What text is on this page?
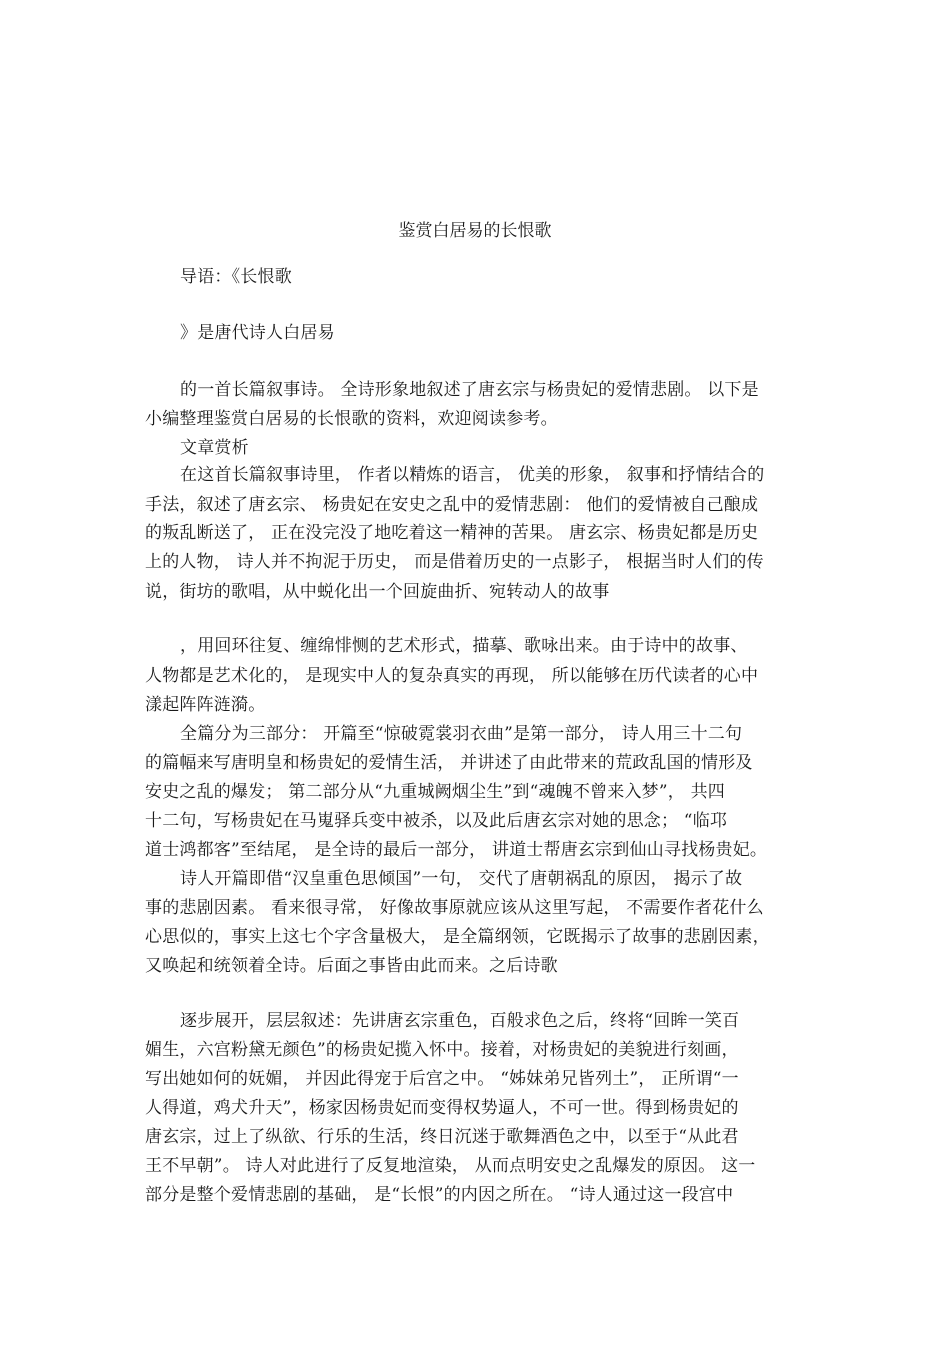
鉴赏白居易的长恨歌
导语：《长恨歌
》是唐代诗人白居易
的一首长篇叙事诗。 全诗形象地叙述了唐玄宗与杨贵妃的爱情悲剧。 以下是
小编整理鉴赏白居易的长恨歌的资料，欢迎阅读参考。
文章赏析
在这首长篇叙事诗里， 作者以精炼的语言， 优美的形象， 叙事和抒情结合的
手法，叙述了唐玄宗、 杨贵妃在安史之乱中的爱情悲剧： 他们的爱情被自己酿成
的叛乱断送了， 正在没完没了地吃着这一精神的苦果。 唐玄宗、杨贵妃都是历史
上的人物， 诗人并不拘泥于历史， 而是借着历史的一点影子， 根据当时人们的传
说，街坊的歌唱，从中蜕化出一个回旋曲折、宛转动人的故事
，用回环往复、缠绵悱恻的艺术形式，描摹、歌咏出来。由于诗中的故事、
人物都是艺术化的， 是现实中人的复杂真实的再现， 所以能够在历代读者的心中
漾起阵阵涟漪。
全篇分为三部分： 开篇至“惊破霓裳羽衣曲”是第一部分， 诗人用三十二句
的篇幅来写唐明皇和杨贵妃的爱情生活， 并讲述了由此带来的荒政乱国的情形及
安史之乱的爆发； 第二部分从“九重城阙烟尘生”到“魂魄不曾来入梦”， 共四
十二句，写杨贵妃在马嵬驿兵变中被杀，以及此后唐玄宗对她的思念； “临邛
道士鸿都客”至结尾， 是全诗的最后一部分， 讲道士帮唐玄宗到仙山寻找杨贵妃。
诗人开篇即借“汉皇重色思倾国”一句， 交代了唐朝祸乱的原因， 揭示了故
事的悲剧因素。 看来很寻常， 好像故事原就应该从这里写起， 不需要作者花什么
心思似的，事实上这七个字含量极大， 是全篇纲领，它既揭示了故事的悲剧因素，
又唤起和统领着全诗。后面之事皆由此而来。之后诗歌
逐步展开，层层叙述：先讲唐玄宗重色，百般求色之后，终将“回眸一笑百
媚生，六宫粉黛无颜色”的杨贵妃揽入怀中。接着，对杨贵妃的美貌进行刻画，
写出她如何的妩媚， 并因此得宠于后宫之中。 “姊妹弟兄皆列土”， 正所谓“一
人得道，鸡犬升天”，杨家因杨贵妃而变得权势逼人，不可一世。得到杨贵妃的
唐玄宗，过上了纵欲、行乐的生活，终日沉迷于歌舞酒色之中，以至于“从此君
王不早朝”。 诗人对此进行了反复地渲染， 从而点明安史之乱爆发的原因。 这一
部分是整个爱情悲剧的基础， 是“长恨”的内因之所在。 “诗人通过这一段宫中
